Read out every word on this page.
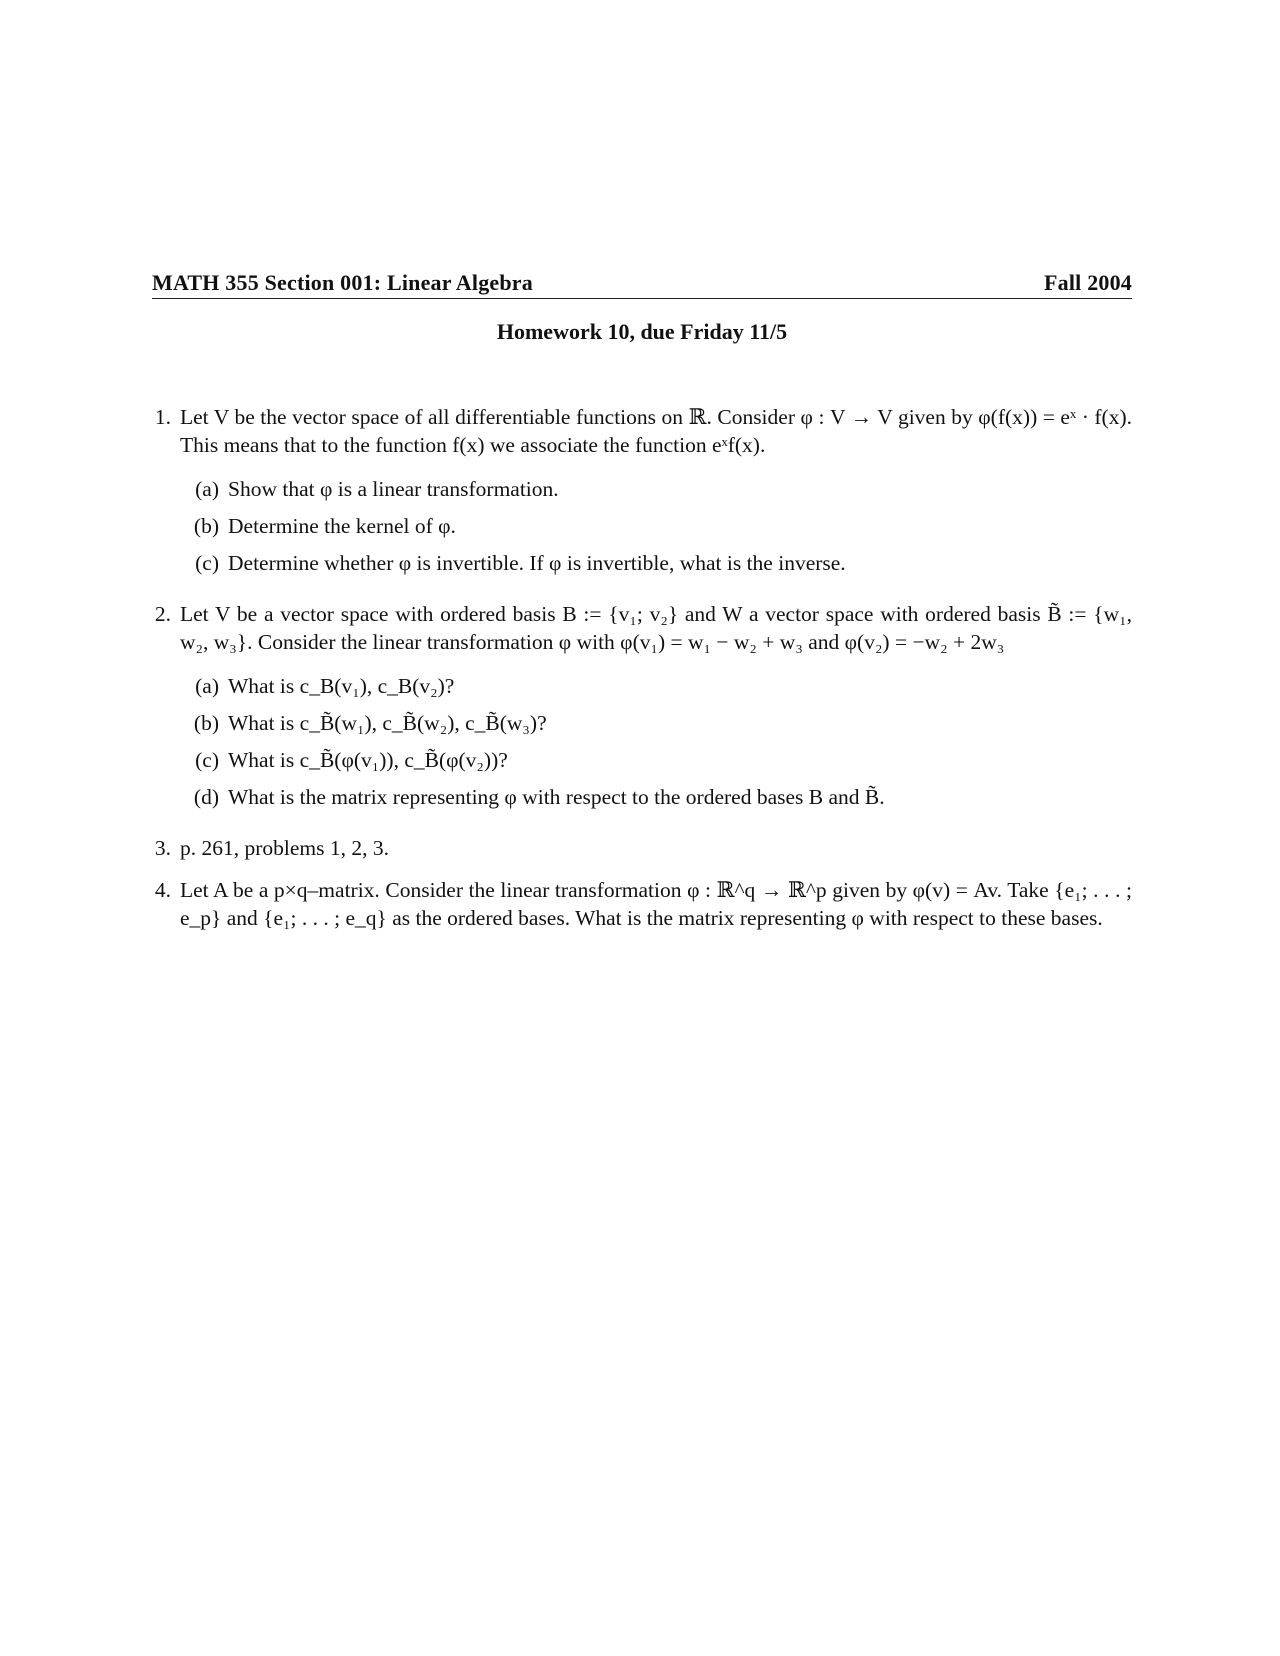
MATH 355 Section 001: Linear Algebra	Fall 2004
Homework 10, due Friday 11/5
1. Let V be the vector space of all differentiable functions on ℝ. Consider φ : V → V given by φ(f(x)) = eˣ · f(x). This means that to the function f(x) we associate the function eˣf(x).
(a) Show that φ is a linear transformation.
(b) Determine the kernel of φ.
(c) Determine whether φ is invertible. If φ is invertible, what is the inverse.
2. Let V be a vector space with ordered basis B := {v₁; v₂} and W a vector space with ordered basis B̃ := {w₁, w₂, w₃}. Consider the linear transformation φ with φ(v₁) = w₁ − w₂ + w₃ and φ(v₂) = −w₂ + 2w₃
(a) What is c_B(v₁), c_B(v₂)?
(b) What is c_B̃(w₁), c_B̃(w₂), c_B̃(w₃)?
(c) What is c_B̃(φ(v₁)), c_B̃(φ(v₂))?
(d) What is the matrix representing φ with respect to the ordered bases B and B̃.
3. p. 261, problems 1, 2, 3.
4. Let A be a p×q–matrix. Consider the linear transformation φ : ℝ^q → ℝ^p given by φ(v) = Av. Take {e₁; . . . ; e_p} and {e₁; . . . ; e_q} as the ordered bases. What is the matrix representing φ with respect to these bases.
